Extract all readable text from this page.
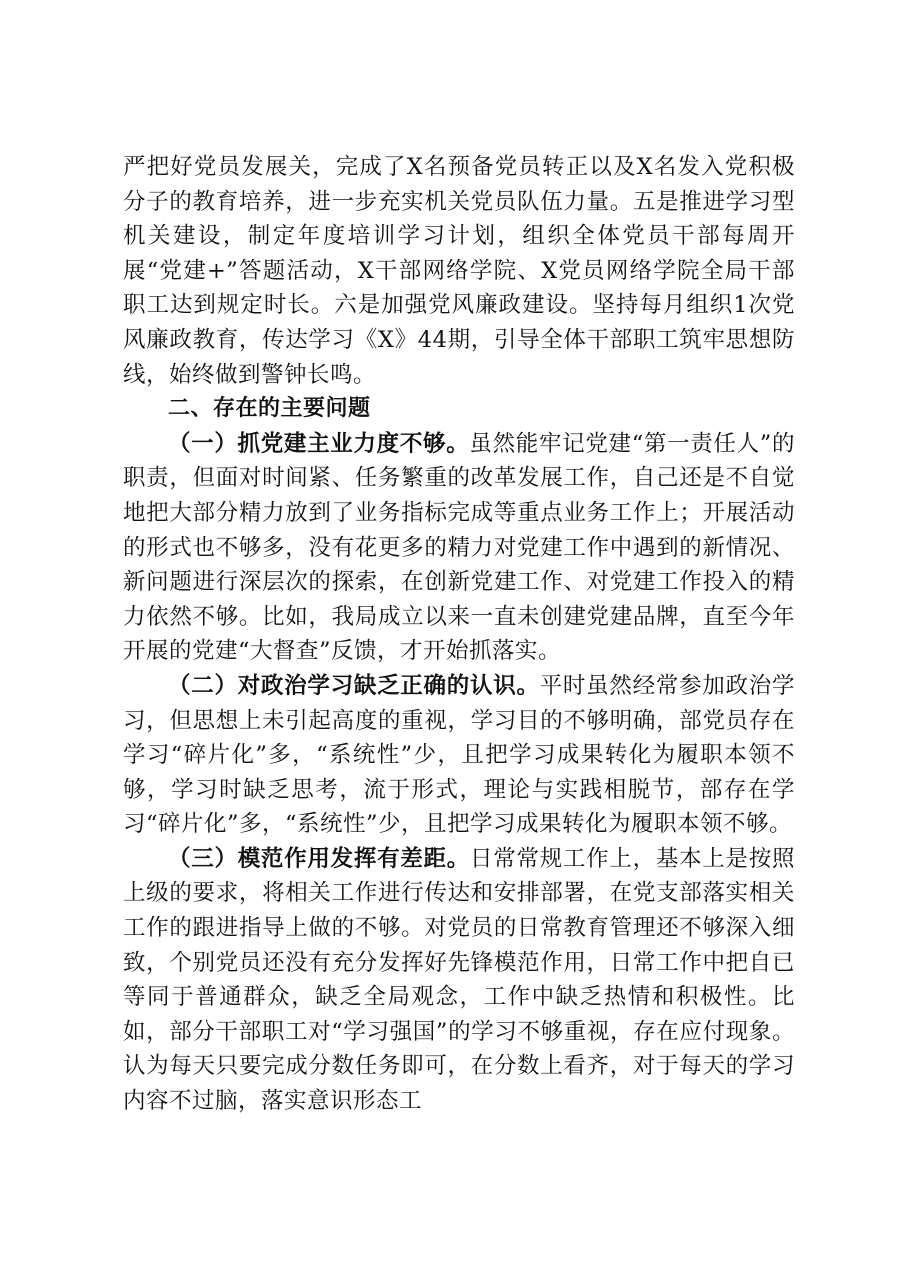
严把好党员发展关，完成了X名预备党员转正以及X名发入党积极分子的教育培养，进一步充实机关党员队伍力量。五是推进学习型机关建设，制定年度培训学习计划，组织全体党员干部每周开展“党建+”答题活动，X干部网络学院、X党员网络学院全局干部职工达到规定时长。六是加强党风廉政建设。坚持每月组织1次党风廉政教育，传达学习《X》44期，引导全体干部职工筑牢思想防线，始终做到警钟长鸣。

二、存在的主要问题

（一）抓党建主业力度不够。虽然能牢记党建“第一责任人”的职责，但面对时间紧、任务繁重的改革发展工作，自己还是不自觉地把大部分精力放到了业务指标完成等重点业务工作上；开展活动的形式也不够多，没有花更多的精力对党建工作中遇到的新情况、新问题进行深层次的探索，在创新党建工作、对党建工作投入的精力依然不够。比如，我局成立以来一直未创建党建品牌，直至今年开展的党建“大督查”反馈，才开始抓落实。

（二）对政治学习缺乏正确的认识。平时虽然经常参加政治学习，但思想上未引起高度的重视，学习目的不够明确，部党员存在学习“碎片化”多，“系统性”少，且把学习成果转化为履职本领不够，学习时缺乏思考，流于形式，理论与实践相脱节，部存在学习“碎片化”多，“系统性”少，且把学习成果转化为履职本领不够。

（三）模范作用发挥有差距。日常常规工作上，基本上是按照上级的要求，将相关工作进行传达和安排部署，在党支部落实相关工作的跟进指导上做的不够。对党员的日常教育管理还不够深入细致，个别党员还没有充分发挥好先锋模范作用，日常工作中把自已等同于普通群众，缺乏全局观念，工作中缺乏热情和积极性。比如，部分干部职工对“学习强国”的学习不够重视，存在应付现象。认为每天只要完成分数任务即可，在分数上看齐，对于每天的学习内容不过脑，落实意识形态工
